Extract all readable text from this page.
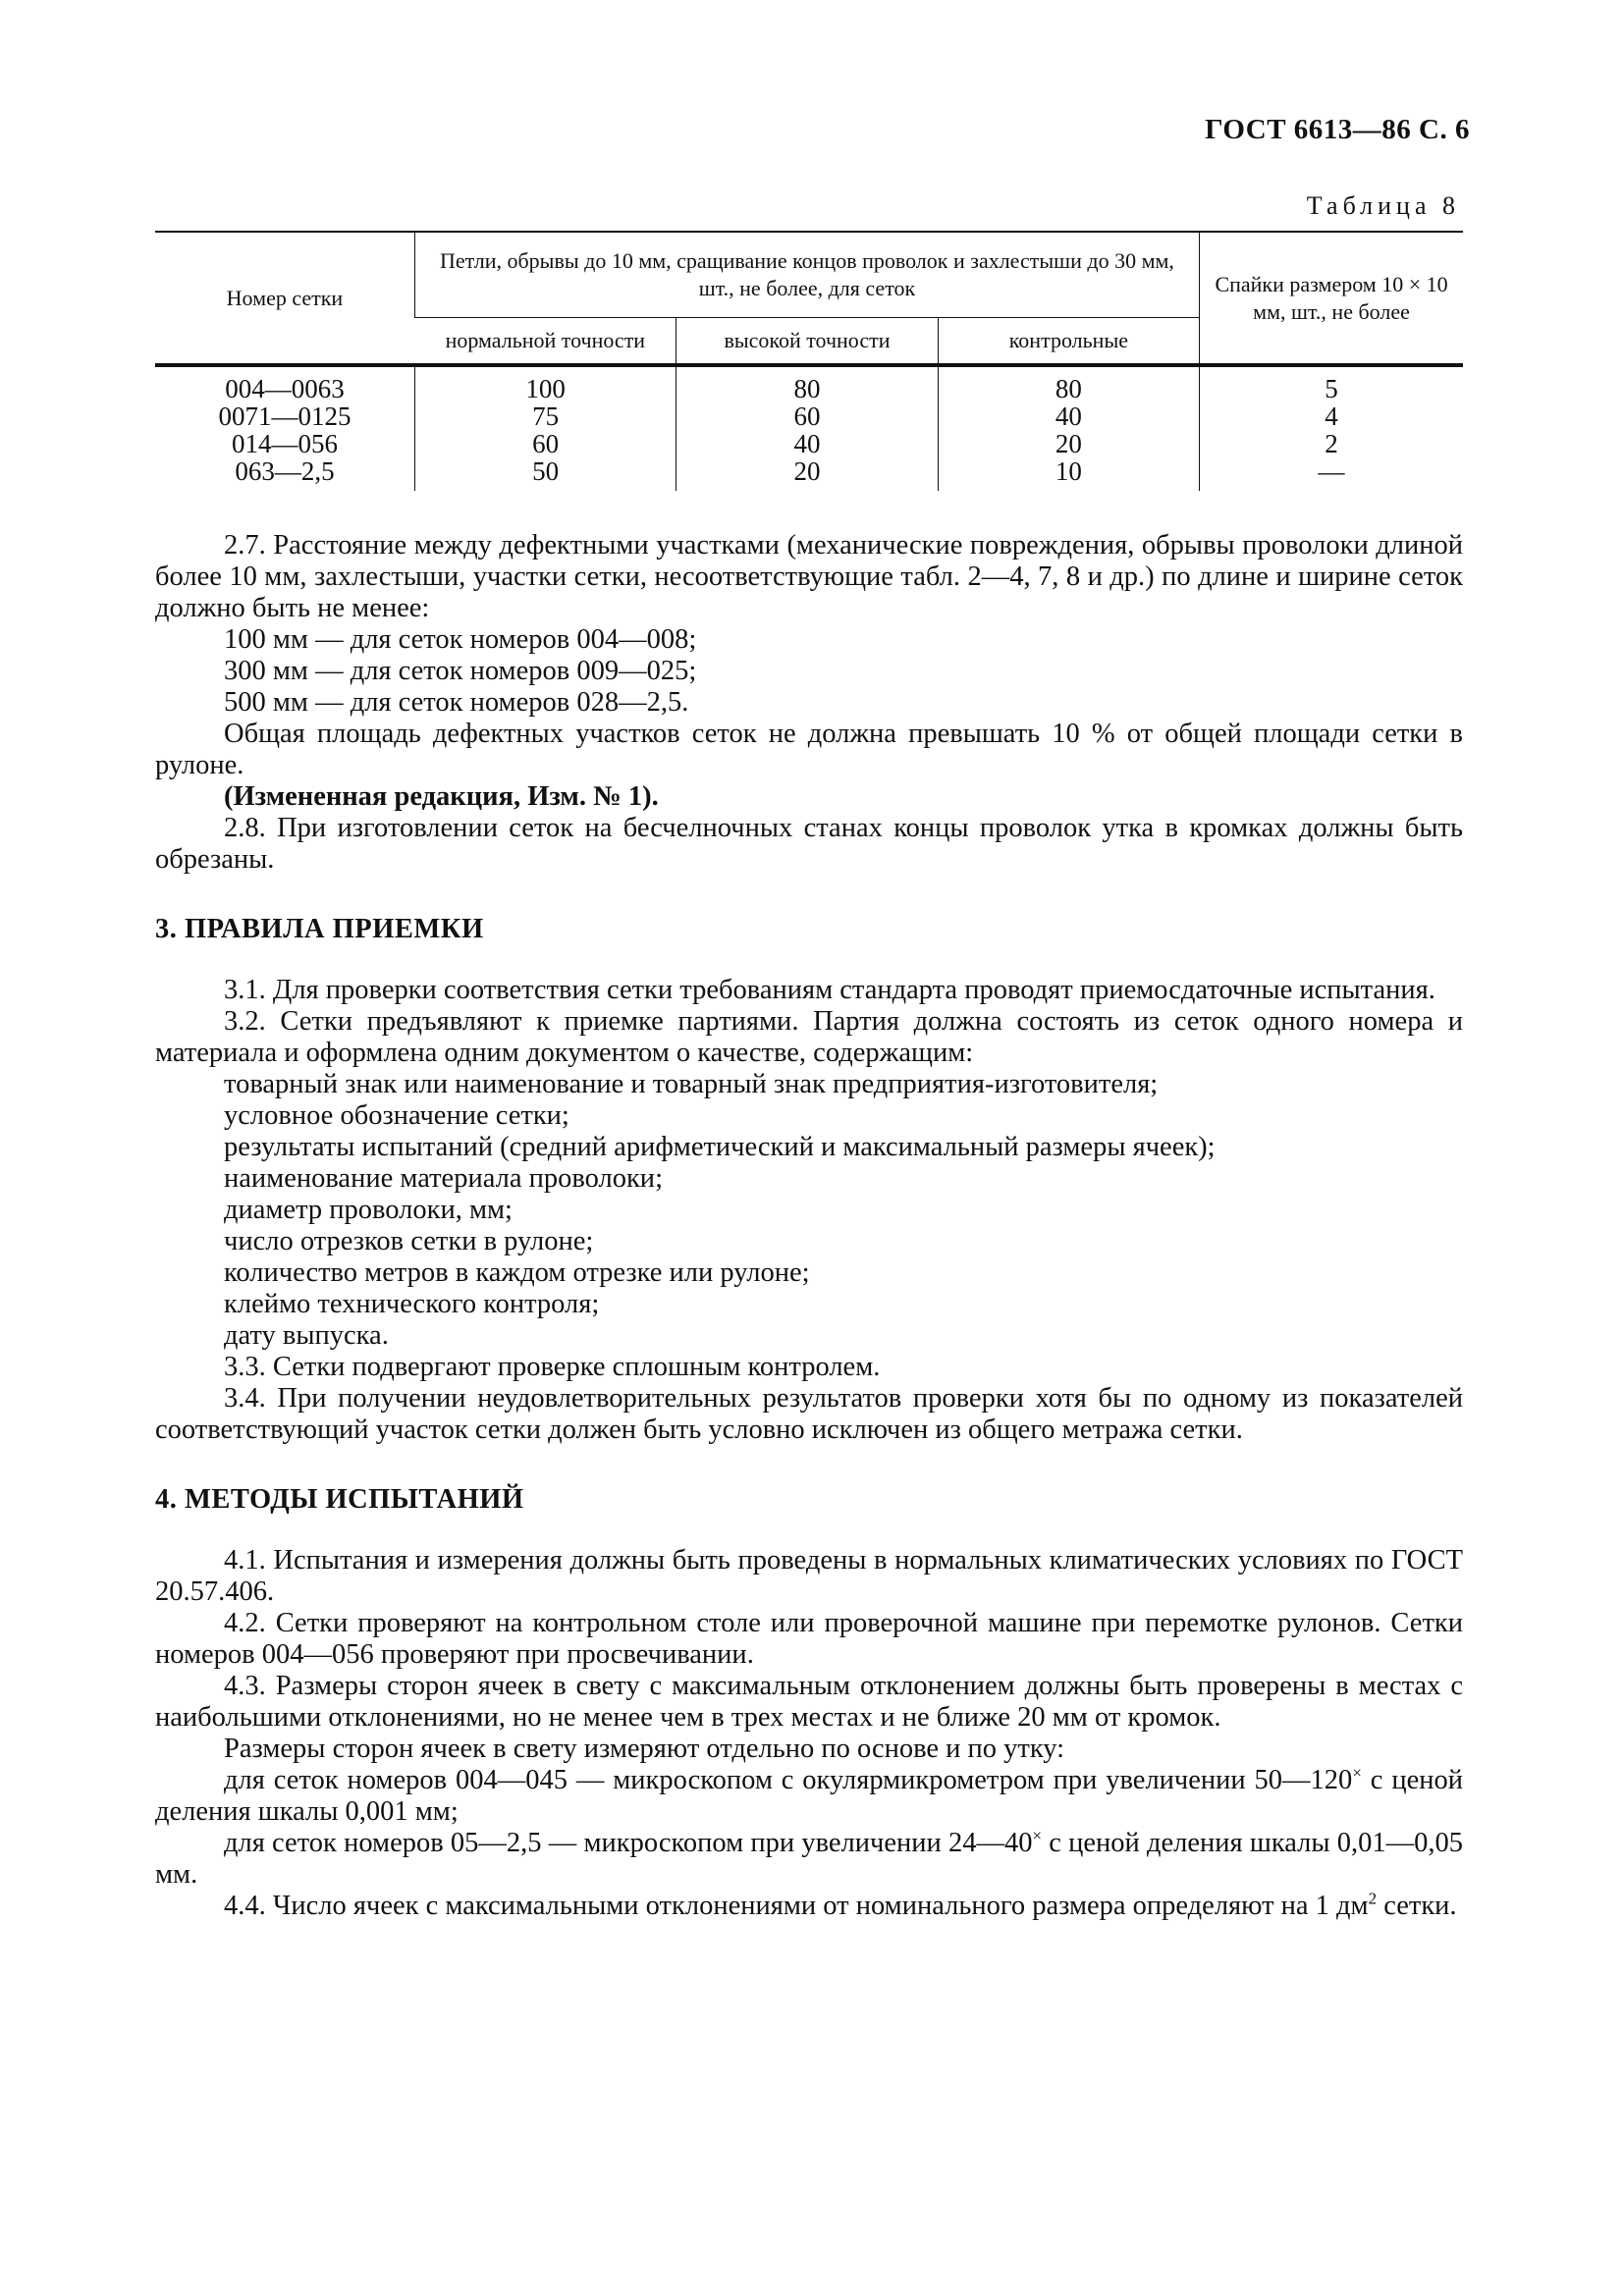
ГОСТ 6613—86 С. 6
Таблица 8
Номер сетки	Петли, обрывы до 10 мм, сращивание концов проволок и захлестыши до 30 мм, шт., не более, для сеток			Спайки размером 10 × 10 мм, шт., не более
	нормальной точности	высокой точности	контрольные	
004—0063	100	80	80	5
0071—0125	75	60	40	4
014—056	60	40	20	2
063—2,5	50	20	10	—

2.7. Расстояние между дефектными участками (механические повреждения, обрывы проволоки длиной более 10 мм, захлестыши, участки сетки, несоответствующие табл. 2—4, 7, 8 и др.) по длине и ширине сеток должно быть не менее:

100 мм — для сеток номеров 004—008;

300 мм — для сеток номеров 009—025;

500 мм — для сеток номеров 028—2,5.

Общая площадь дефектных участков сеток не должна превышать 10 % от общей площади сетки в рулоне.

(Измененная редакция, Изм. № 1).

2.8. При изготовлении сеток на бесчелночных станах концы проволок утка в кромках должны быть обрезаны.

3. ПРАВИЛА ПРИЕМКИ

3.1. Для проверки соответствия сетки требованиям стандарта проводят приемосдаточные испытания.

3.2. Сетки предъявляют к приемке партиями. Партия должна состоять из сеток одного номера и материала и оформлена одним документом о качестве, содержащим:

товарный знак или наименование и товарный знак предприятия-изготовителя;

условное обозначение сетки;

результаты испытаний (средний арифметический и максимальный размеры ячеек);

наименование материала проволоки;

диаметр проволоки, мм;

число отрезков сетки в рулоне;

количество метров в каждом отрезке или рулоне;

клеймо технического контроля;

дату выпуска.

3.3. Сетки подвергают проверке сплошным контролем.

3.4. При получении неудовлетворительных результатов проверки хотя бы по одному из показателей соответствующий участок сетки должен быть условно исключен из общего метража сетки.

4. МЕТОДЫ ИСПЫТАНИЙ

4.1. Испытания и измерения должны быть проведены в нормальных климатических условиях по ГОСТ  20.57.406.

4.2. Сетки проверяют на контрольном столе или проверочной машине при перемотке рулонов. Сетки номеров 004—056 проверяют при просвечивании.

4.3. Размеры сторон ячеек в свету с максимальным отклонением должны быть проверены в местах с наибольшими отклонениями, но не менее чем в трех местах и не ближе 20 мм от кромок.

Размеры сторон ячеек в свету измеряют отдельно по основе и по утку:

для сеток номеров 004—045 — микроскопом с окулярмикрометром при увеличении 50—120× с ценой деления шкалы 0,001 мм;

для сеток номеров 05—2,5 — микроскопом при увеличении 24—40× с ценой деления шкалы 0,01—0,05 мм.

4.4. Число ячеек с максимальными отклонениями от номинального размера определяют на 1 $дм^2$ сетки.
